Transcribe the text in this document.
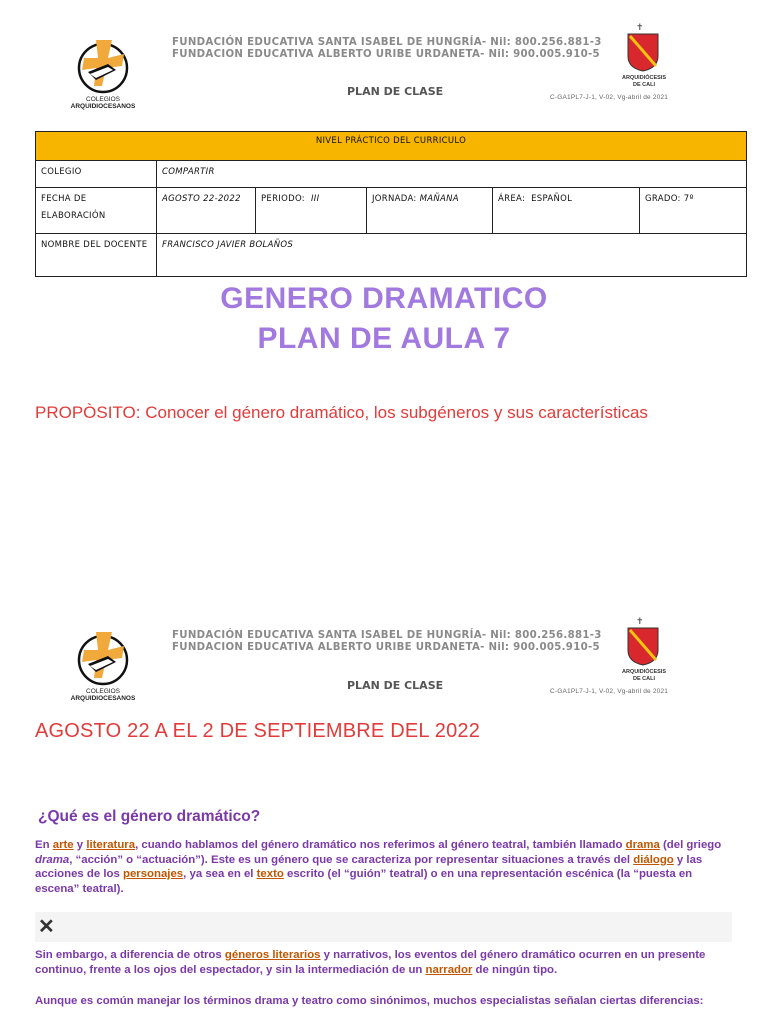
COLEGIOS
ARQUIDIOCESANOS
FUNDACIÓN EDUCATIVA SANTA ISABEL DE HUNGRÍA- Nil: 800.256.881-3
FUNDACION EDUCATIVA ALBERTO URIBE URDANETA- Nil: 900.005.910-5
PLAN DE CLASE
✝
ARQUIDIÓCESIS
DE CALI
C-GA1PL7-J-1, V-02, Vg-abril de 2021
NIVEL PRÁCTICO DEL CURRICULO					
COLEGIO	COMPARTIR				
FECHA DE ELABORACIÓN	AGOSTO 22-2022	PERIODO: III	JORNADA: MAÑANA	ÁREA: ESPAÑOL	GRADO: 7º
NOMBRE DEL DOCENTE	FRANCISCO JAVIER BOLAÑOS				
GENERO DRAMATICO
PLAN DE AULA 7
PROPÒSITO: Conocer el género dramático, los subgéneros y sus características
COLEGIOS
ARQUIDIOCESANOS
FUNDACIÓN EDUCATIVA SANTA ISABEL DE HUNGRÍA- Nil: 800.256.881-3
FUNDACION EDUCATIVA ALBERTO URIBE URDANETA- Nil: 900.005.910-5
PLAN DE CLASE
✝
ARQUIDIÓCESIS
DE CALI
C-GA1PL7-J-1, V-02, Vg-abril de 2021
AGOSTO 22 A EL 2 DE SEPTIEMBRE DEL 2022
¿Qué es el género dramático?
En arte y literatura, cuando hablamos del género dramático nos referimos al género teatral, también llamado drama (del griego drama, “acción” o “actuación”). Este es un género que se caracteriza por representar situaciones a través del diálogo y las acciones de los personajes, ya sea en el texto escrito (el “guión” teatral) o en una representación escénica (la “puesta en escena” teatral).
✕
Sin embargo, a diferencia de otros géneros literarios y narrativos, los eventos del género dramático ocurren en un presente continuo, frente a los ojos del espectador, y sin la intermediación de un narrador de ningún tipo.
Aunque es común manejar los términos drama y teatro como sinónimos, muchos especialistas señalan ciertas diferencias:
